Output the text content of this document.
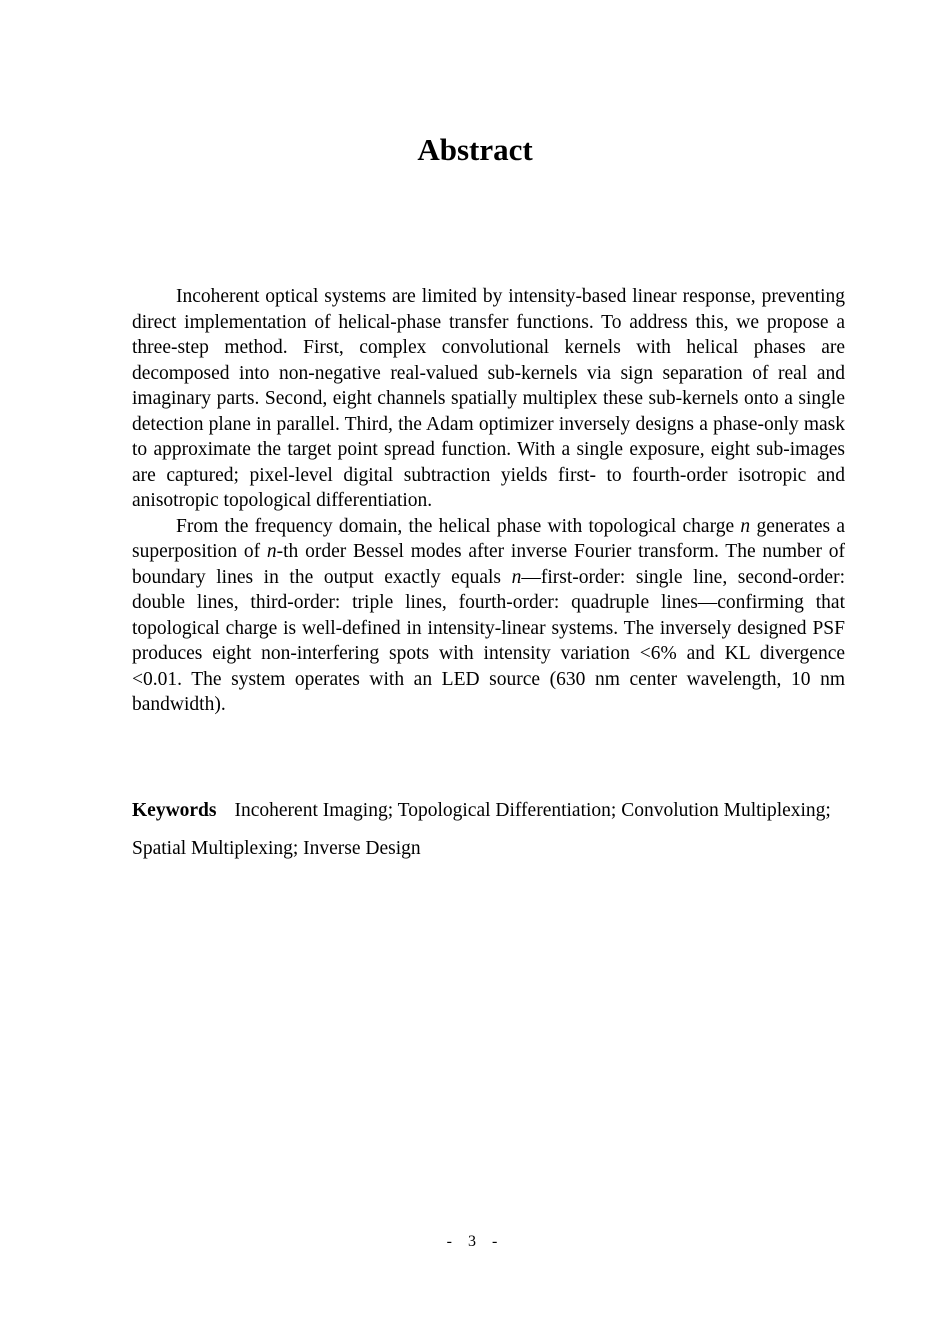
Abstract

Incoherent optical systems are limited by intensity-based linear response, preventing direct implementation of helical-phase transfer functions. To address this, we propose a three-step method. First, complex convolutional kernels with helical phases are decomposed into non-negative real-valued sub-kernels via sign separation of real and imaginary parts. Second, eight channels spatially multiplex these sub-kernels onto a single detection plane in parallel. Third, the Adam optimizer inversely designs a phase-only mask to approximate the target point spread function. With a single exposure, eight sub-images are captured; pixel-level digital subtraction yields first- to fourth-order isotropic and anisotropic topological differentiation.

From the frequency domain, the helical phase with topological charge n generates a superposition of n-th order Bessel modes after inverse Fourier transform. The number of boundary lines in the output exactly equals n—first-order: single line, second-order: double lines, third-order: triple lines, fourth-order: quadruple lines—confirming that topological charge is well-defined in intensity-linear systems. The inversely designed PSF produces eight non-interfering spots with intensity variation <6% and KL divergence <0.01. The system operates with an LED source (630 nm center wavelength, 10 nm bandwidth).

Keywords Incoherent Imaging; Topological Differentiation; Convolution Multiplexing; Spatial Multiplexing; Inverse Design
- 3 -
